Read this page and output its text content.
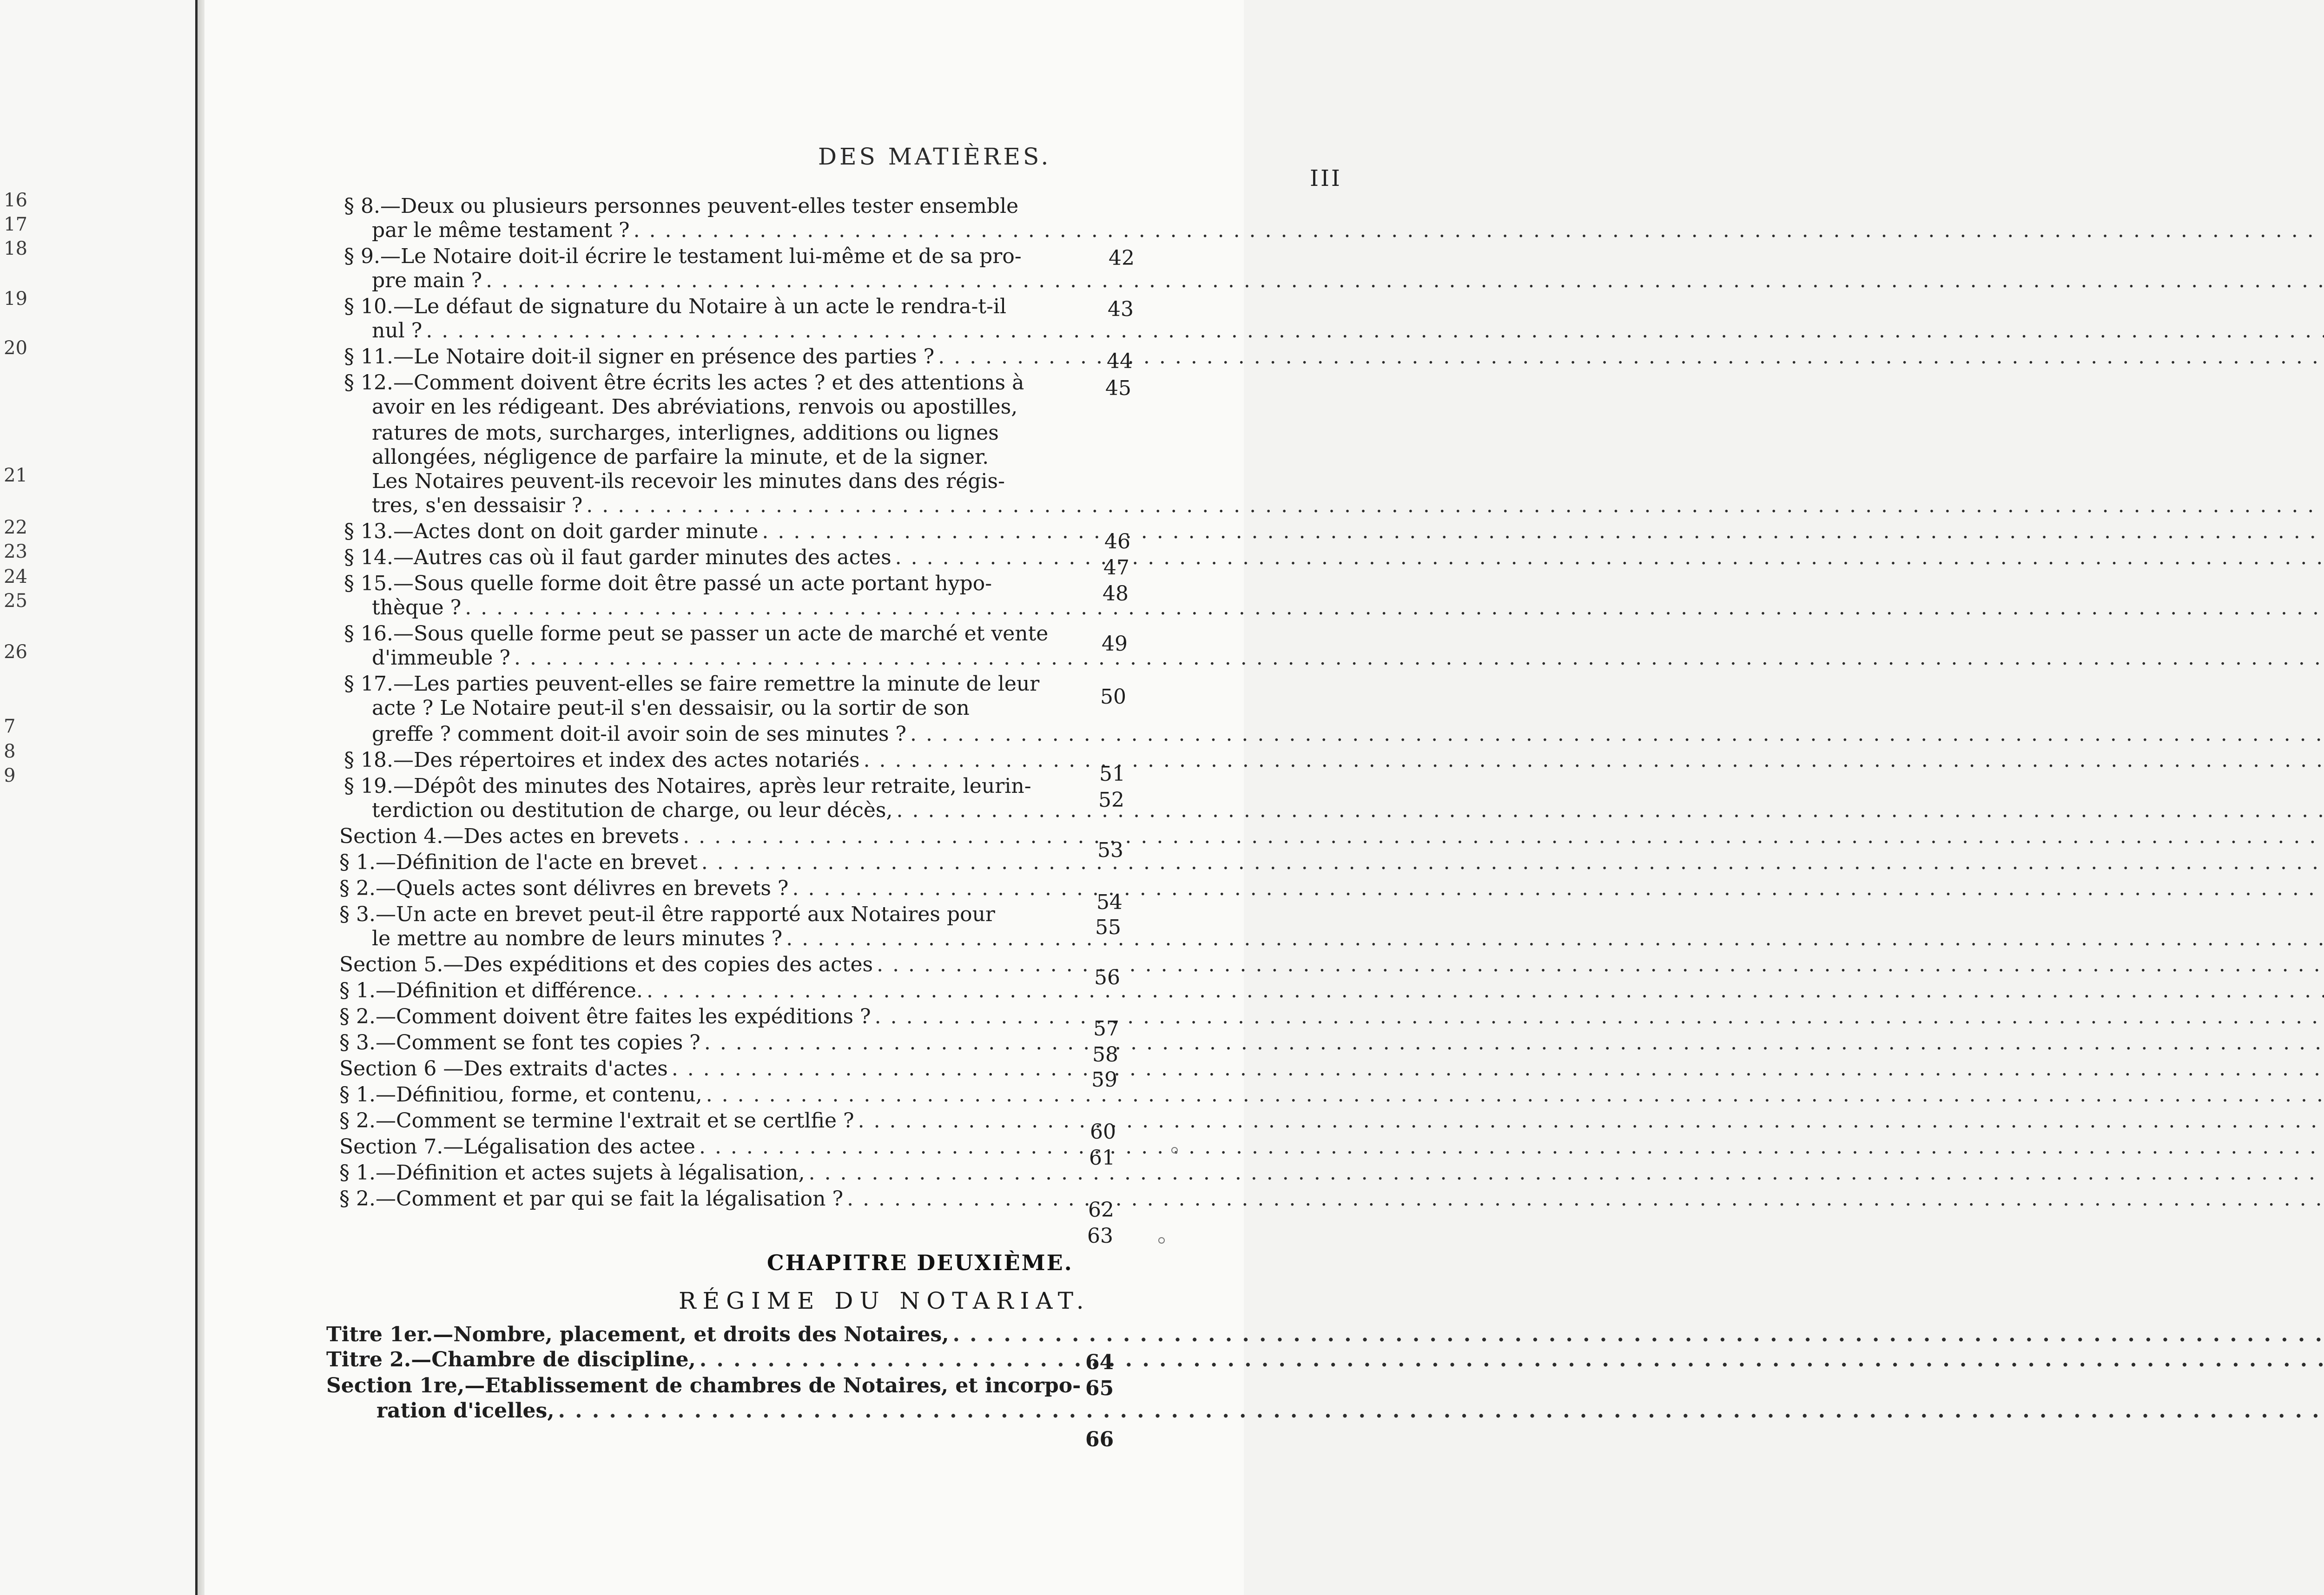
16
17
18
19
20
21
22
23
24
25
26
7
8
9
DES MATIÈRES.
III
§ 8.—Deux ou plusieurs personnes peuvent-elles tester ensemble
par le même testament ?
. . .
§ 9.—Le Notaire doit-il écrire le testament lui-même et de sa pro-
pre main ?
. . .
§ 10.—Le défaut de signature du Notaire à un acte le rendra-t-il
nul ?
. . .
§ 11.—Le Notaire doit-il signer en présence des parties ?
. . .
§ 12.—Comment doivent être écrits les actes ? et des attentions à
avoir en les rédigeant. Des abréviations, renvois ou apostilles,
ratures de mots, surcharges, interlignes, additions ou lignes
allongées, négligence de parfaire la minute, et de la signer.
Les Notaires peuvent-ils recevoir les minutes dans des régis-
tres, s'en dessaisir ?
. . .
§ 13.—Actes dont on doit garder minute
. . .
§ 14.—Autres cas où il faut garder minutes des actes
. . .
§ 15.—Sous quelle forme doit être passé un acte portant hypo-
thèque ?
. . .
§ 16.—Sous quelle forme peut se passer un acte de marché et vente
d'immeuble ?
. . .
§ 17.—Les parties peuvent-elles se faire remettre la minute de leur
acte ? Le Notaire peut-il s'en dessaisir, ou la sortir de son
greffe ? comment doit-il avoir soin de ses minutes ?
. . .
§ 18.—Des répertoires et index des actes notariés
. . .
§ 19.—Dépôt des minutes des Notaires, après leur retraite, leurin-
terdiction ou destitution de charge, ou leur décès,
. . .
Section 4.—Des actes en brevets
. . .
§ 1.—Définition de l'acte en brevet
. . .
§ 2.—Quels actes sont délivres en brevets ?
. . .
§ 3.—Un acte en brevet peut-il être rapporté aux Notaires pour
le mettre au nombre de leurs minutes ?
. . .
Section 5.—Des expéditions et des copies des actes
. . .
§ 1.—Définition et différence.
. . .
§ 2.—Comment doivent être faites les expéditions ?
. . .
§ 3.—Comment se font tes copies ?
. . .
Section 6 —Des extraits d'actes
. . .
§ 1.—Définitiou, forme, et contenu,
. . .
§ 2.—Comment se termine l'extrait et se certlfie ?
. . .
Section 7.—Légalisation des actee
. . .
§ 1.—Définition et actes sujets à légalisation,
. . .
§ 2.—Comment et par qui se fait la légalisation ?
. . .
42
43
44
45
46
47
48
49
50
51
52
53
54
55
56
57
58
59
60
61
62
63
CHAPITRE DEUXIÈME.
RÉGIME DU NOTARIAT.
Titre 1er.—Nombre, placement, et droits des Notaires,
. . .
Titre 2.—Chambre de discipline,
. . .
Section 1re,—Etablissement de chambres de Notaires, et incorpo-
ration d'icelles,
. . .
64
65
66
